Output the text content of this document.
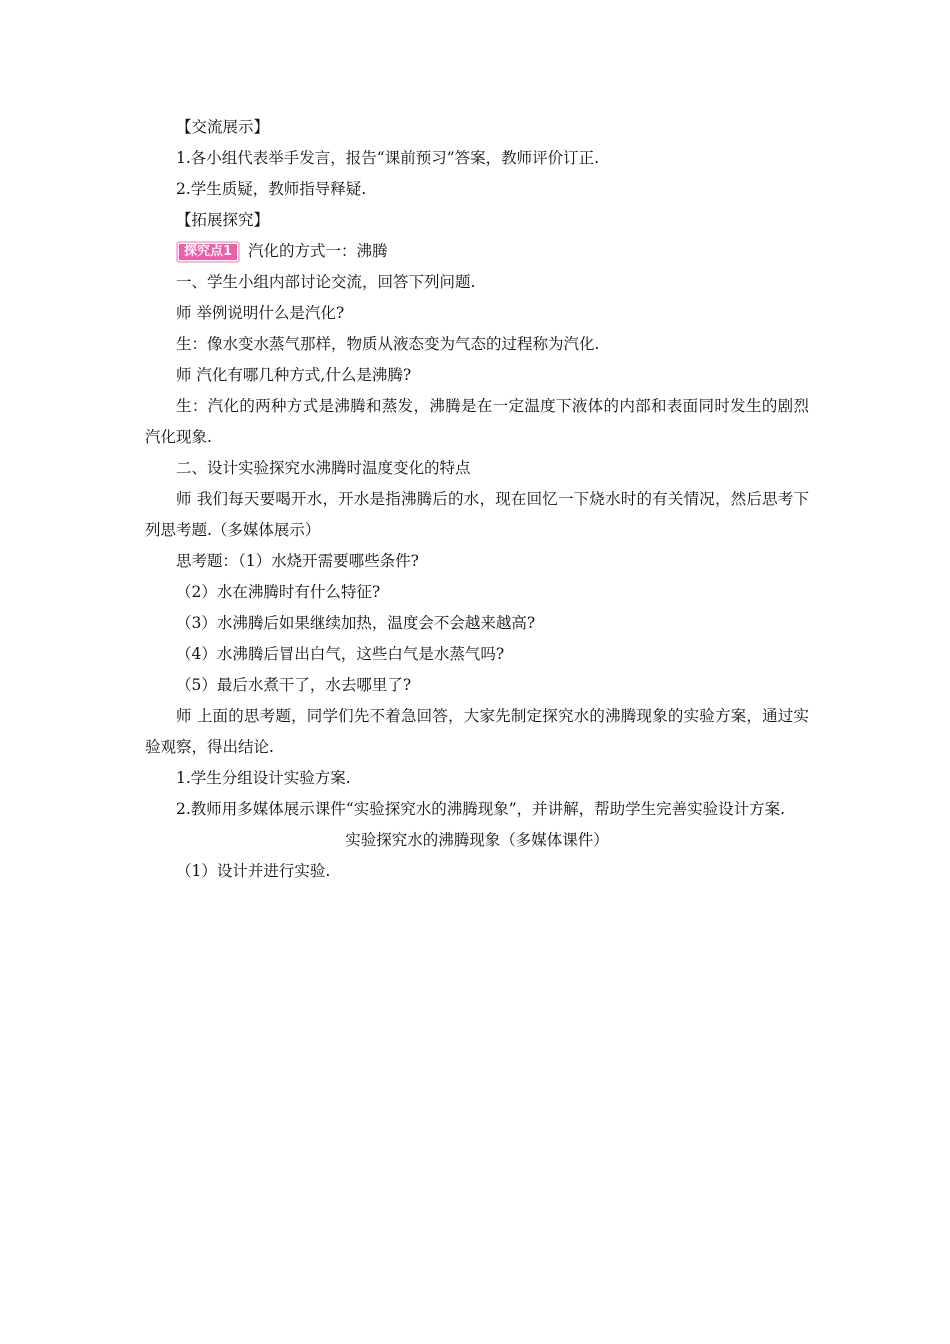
【交流展示】

1.各小组代表举手发言，报告“课前预习”答案，教师评价订正.

2.学生质疑，教师指导释疑.

【拓展探究】

探究点1	汽化的方式一：沸腾

一、学生小组内部讨论交流，回答下列问题.

师 举例说明什么是汽化?

生：像水变水蒸气那样，物质从液态变为气态的过程称为汽化.

师 汽化有哪几种方式,什么是沸腾?

生：汽化的两种方式是沸腾和蒸发，沸腾是在一定温度下液体的内部和表面同时发生的剧烈汽化现象.

二、设计实验探究水沸腾时温度变化的特点

师 我们每天要喝开水，开水是指沸腾后的水，现在回忆一下烧水时的有关情况，然后思考下列思考题.（多媒体展示）

思考题：（1）水烧开需要哪些条件?

（2）水在沸腾时有什么特征?

（3）水沸腾后如果继续加热，温度会不会越来越高?

（4）水沸腾后冒出白气，这些白气是水蒸气吗?

（5）最后水煮干了，水去哪里了?

师 上面的思考题，同学们先不着急回答，大家先制定探究水的沸腾现象的实验方案，通过实验观察，得出结论.

1.学生分组设计实验方案.

2.教师用多媒体展示课件“实验探究水的沸腾现象”，并讲解，帮助学生完善实验设计方案.

实验探究水的沸腾现象（多媒体课件）

（1）设计并进行实验.
